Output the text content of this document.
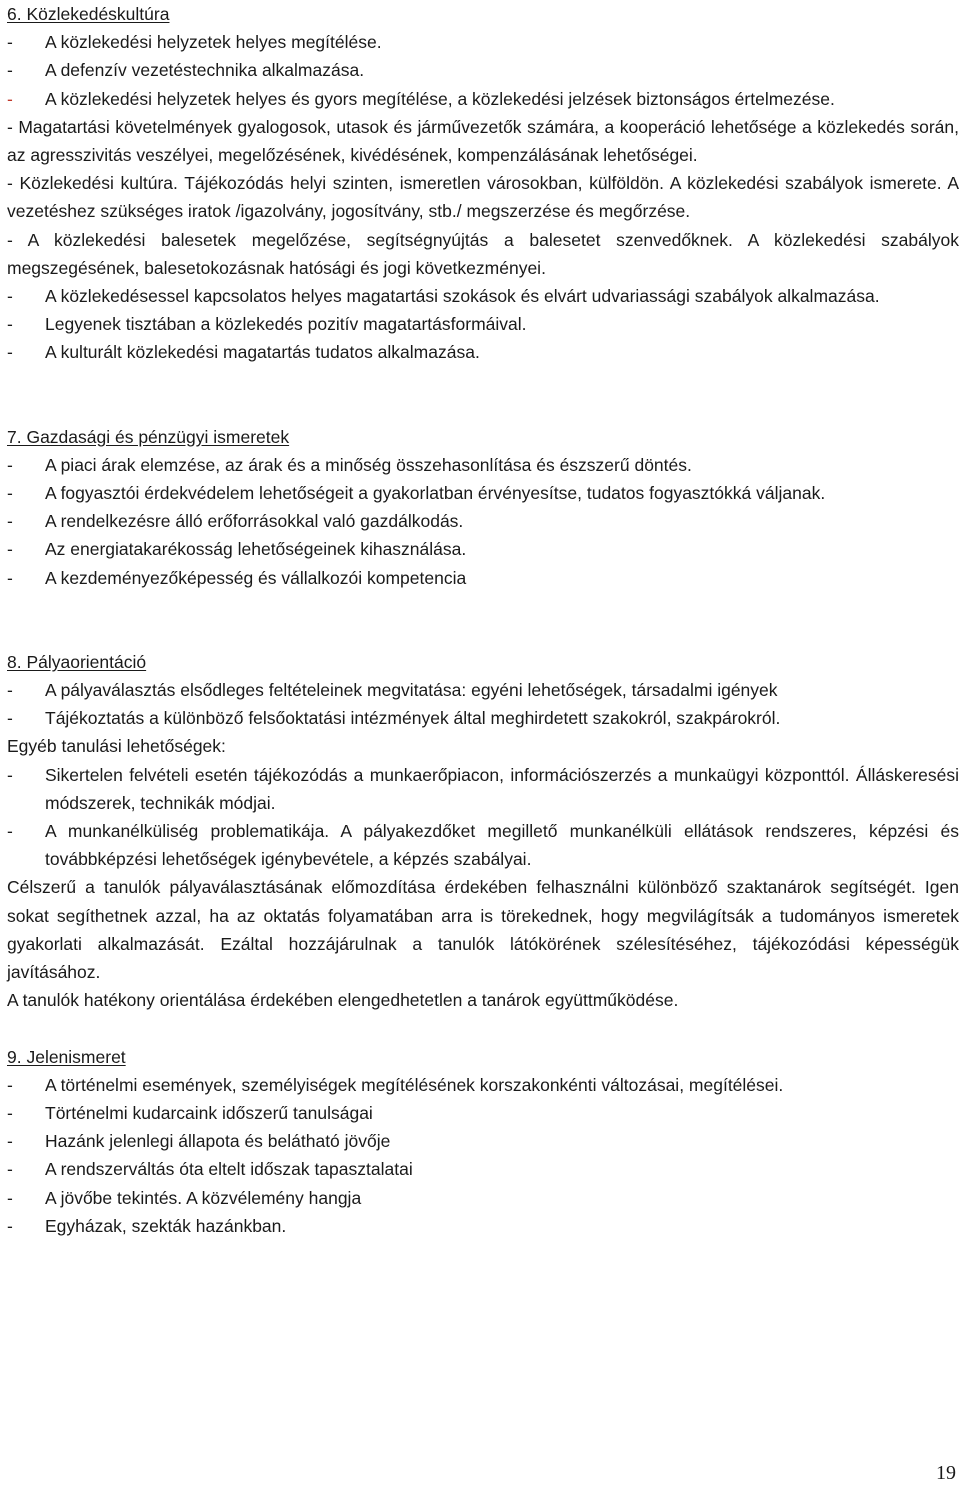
6. Közlekedéskultúra
-	A közlekedési helyzetek helyes megítélése.
-	A defenzív vezetéstechnika alkalmazása.
-	A közlekedési helyzetek helyes és gyors megítélése, a közlekedési jelzések biztonságos értelmezése.
- Magatartási követelmények gyalogosok, utasok és járművezetők számára, a kooperáció lehetősége a közlekedés során, az agresszivitás veszélyei, megelőzésének, kivédésének, kompenzálásának lehetőségei.
- Közlekedési kultúra. Tájékozódás helyi szinten, ismeretlen városokban, külföldön. A közlekedési szabályok ismerete. A vezetéshez szükséges iratok /igazolvány, jogosítvány, stb./ megszerzése és megőrzése.
- A közlekedési balesetek megelőzése, segítségnyújtás a balesetet szenvedőknek. A közlekedési szabályok megszegésének, balesetokozásnak hatósági és jogi következményei.
-	A közlekedésessel kapcsolatos helyes magatartási szokások és elvárt udvariassági szabályok alkalmazása.
-	Legyenek tisztában a közlekedés pozitív magatartásformáival.
-	A kulturált közlekedési magatartás tudatos alkalmazása.
7. Gazdasági és pénzügyi ismeretek
-	A piaci árak elemzése, az árak és a minőség összehasonlítása és észszerű döntés.
-	A fogyasztói érdekvédelem lehetőségeit a gyakorlatban érvényesítse, tudatos fogyasztókká váljanak.
-	A rendelkezésre álló erőforrásokkal való gazdálkodás.
-	Az energiatakarékosság lehetőségeinek kihasználása.
-	A kezdeményezőképesség és vállalkozói kompetencia
8. Pályaorientáció
-	A pályaválasztás elsődleges feltételeinek megvitatása: egyéni lehetőségek, társadalmi igények
-	Tájékoztatás a különböző felsőoktatási intézmények által meghirdetett szakokról, szakpárokról.
Egyéb tanulási lehetőségek:
-	Sikertelen felvételi esetén tájékozódás a munkaerőpiacon, információszerzés a munkaügyi központtól. Álláskeresési módszerek, technikák módjai.
-	A munkanélküliség problematikája. A pályakezdőket megillető munkanélküli ellátások rendszeres, képzési és továbbképzési lehetőségek igénybevétele, a képzés szabályai.
Célszerű a tanulók pályaválasztásának előmozdítása érdekében felhasználni különböző szaktanárok segítségét. Igen sokat segíthetnek azzal, ha az oktatás folyamatában arra is törekednek, hogy megvilágítsák a tudományos ismeretek gyakorlati alkalmazását. Ezáltal hozzájárulnak a tanulók látókörének szélesítéséhez, tájékozódási képességük javításához.
A tanulók hatékony orientálása érdekében elengedhetetlen a tanárok együttműködése.
9. Jelenismeret
-	A történelmi események, személyiségek megítélésének korszakonkénti változásai, megítélései.
-	Történelmi kudarcaink időszerű tanulságai
-	Hazánk jelenlegi állapota és belátható jövője
-	A rendszerváltás óta eltelt időszak tapasztalatai
-	A jövőbe tekintés. A közvélemény hangja
-	Egyházak, szekták hazánkban.
19
